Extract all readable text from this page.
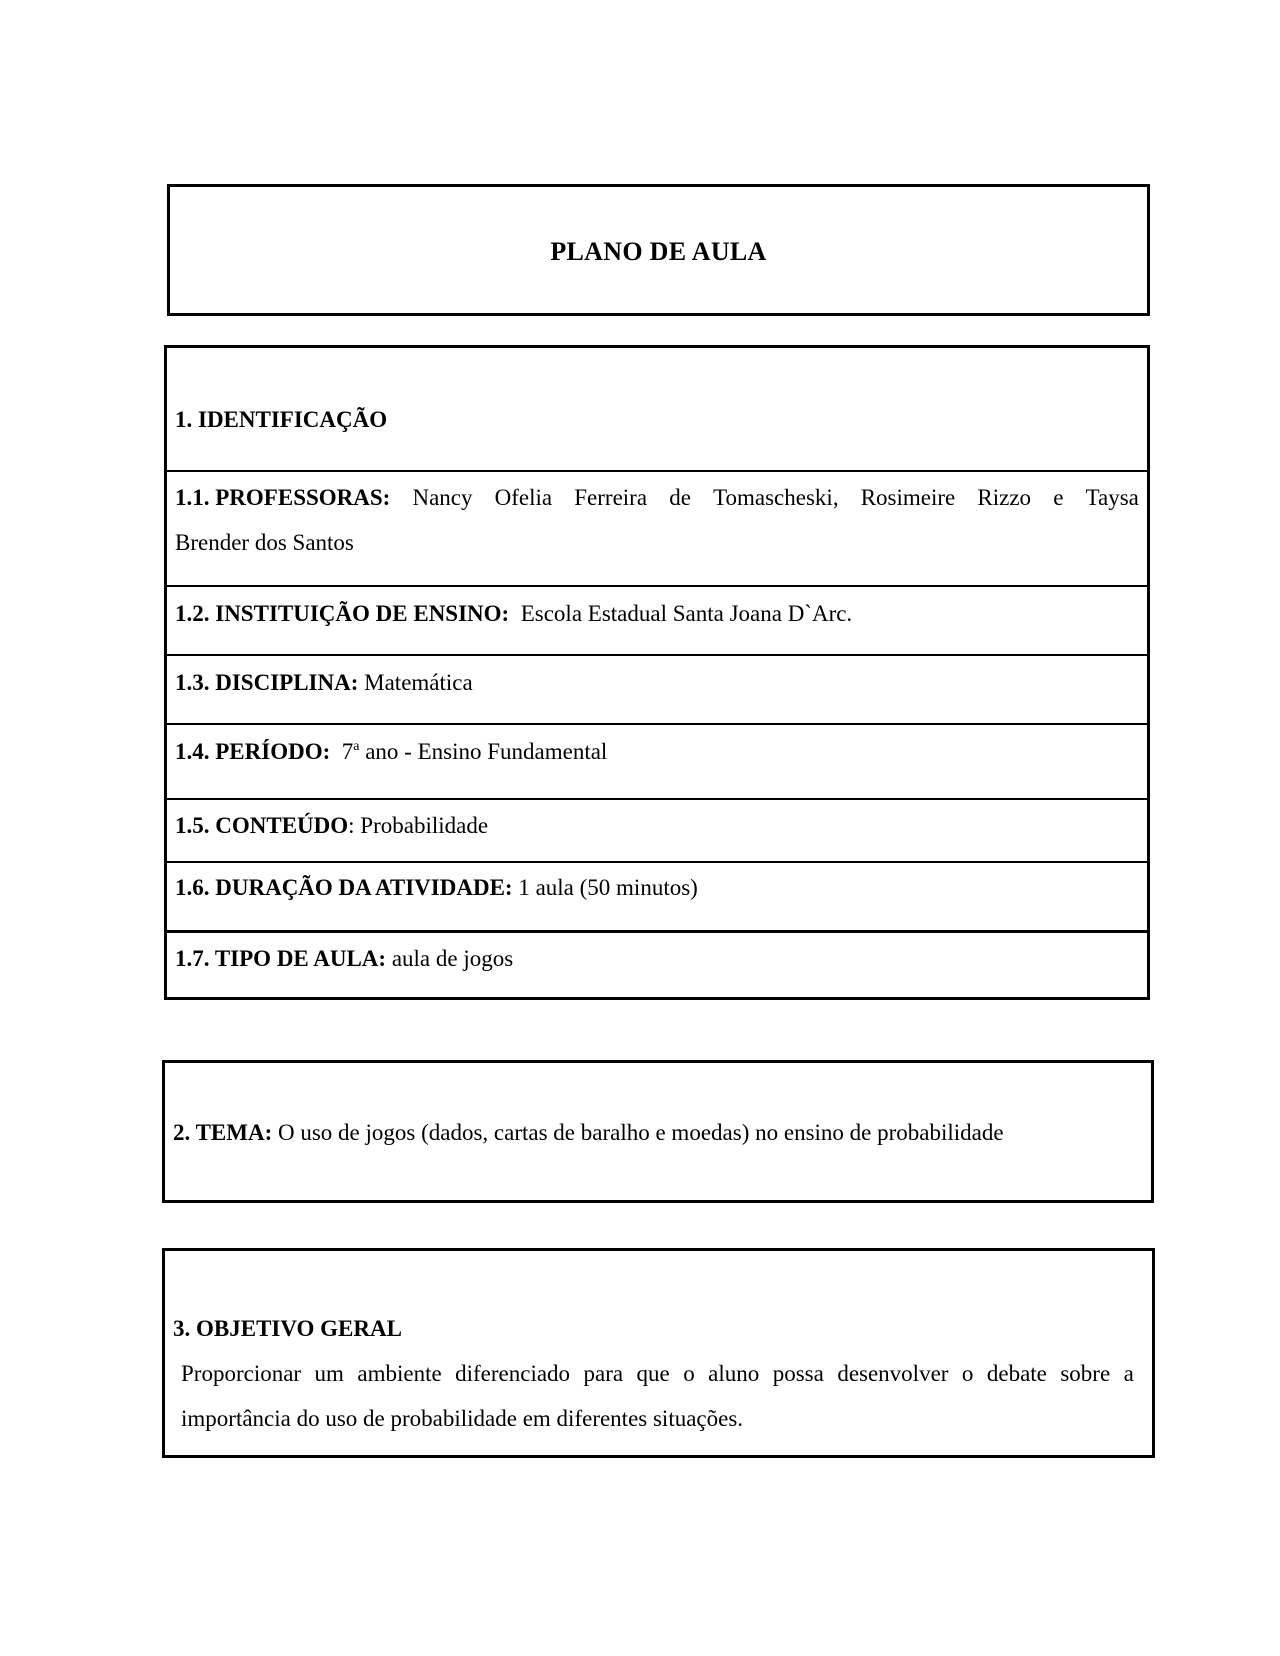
PLANO DE AULA
1. IDENTIFICAÇÃO
1.1. PROFESSORAS: Nancy Ofelia Ferreira de Tomascheski, Rosimeire Rizzo e Taysa
Brender dos Santos
1.2. INSTITUIÇÃO DE ENSINO: Escola Estadual Santa Joana D`Arc.
1.3. DISCIPLINA: Matemática
1.4. PERÍODO: 7$^a$ ano - Ensino Fundamental
1.5. CONTEÚDO: Probabilidade
1.6. DURAÇÃO DA ATIVIDADE: 1 aula (50 minutos)
1.7. TIPO DE AULA: aula de jogos
2. TEMA: O uso de jogos (dados, cartas de baralho e moedas) no ensino de probabilidade
3. OBJETIVO GERAL
Proporcionar um ambiente diferenciado para que o aluno possa desenvolver o debate sobre a
importância do uso de probabilidade em diferentes situações.
